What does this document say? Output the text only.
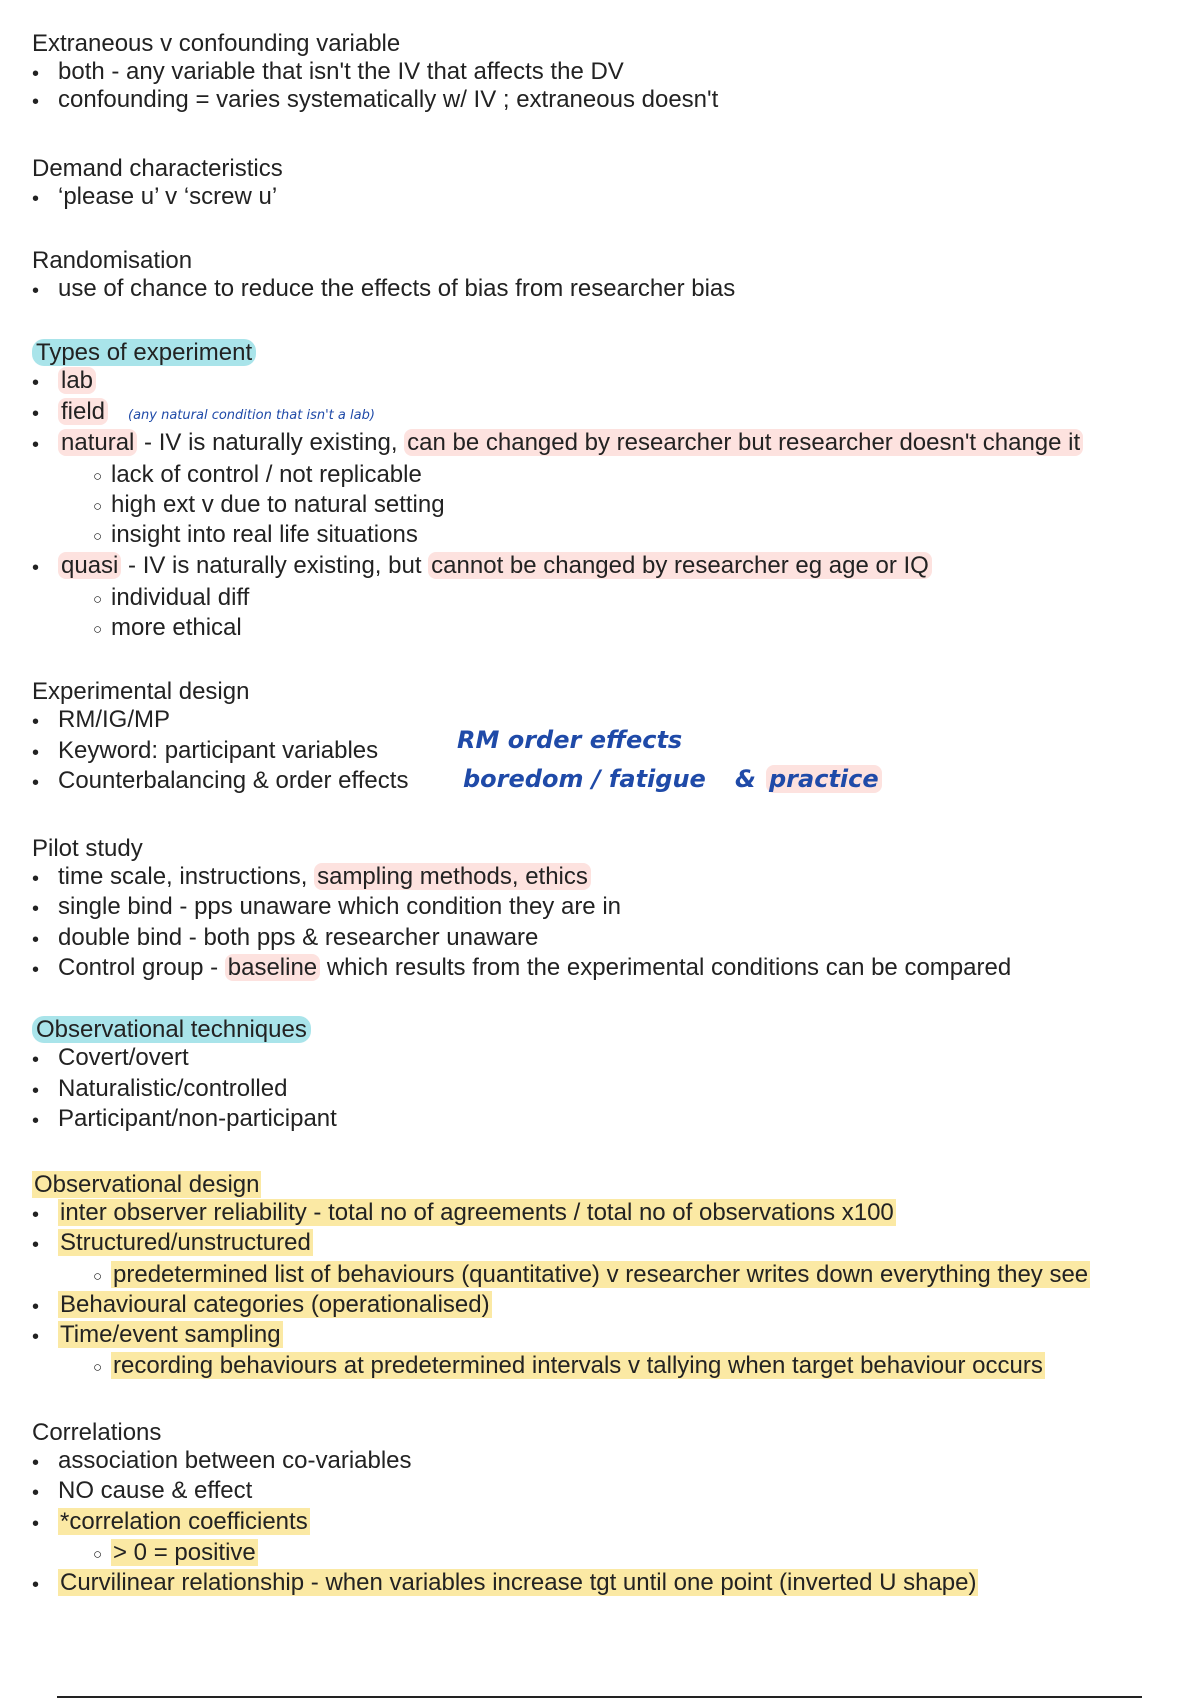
Extraneous v confounding variable
• both - any variable that isn't the IV that affects the DV
• confounding = varies systematically w/ IV ; extraneous doesn't
Demand characteristics
• ‘please u’ v ‘screw u’
Randomisation
• use of chance to reduce the effects of bias from researcher bias
Types of experiment
• lab
• field (any natural condition that isn't a lab)
• natural - IV is naturally existing, can be changed by researcher but researcher doesn't change it
○ lack of control / not replicable
○ high ext v due to natural setting
○ insight into real life situations
• quasi - IV is naturally existing, but cannot be changed by researcher eg age or IQ
○ individual diff
○ more ethical
Experimental design
• RM/IG/MP
• Keyword: participant variables
• Counterbalancing & order effects
RM order effects
boredom / fatigue & practice
Pilot study
• time scale, instructions, sampling methods, ethics
• single bind - pps unaware which condition they are in
• double bind - both pps & researcher unaware
• Control group - baseline which results from the experimental conditions can be compared
Observational techniques
• Covert/overt
• Naturalistic/controlled
• Participant/non-participant
Observational design
• inter observer reliability - total no of agreements / total no of observations x100
• Structured/unstructured
○ predetermined list of behaviours (quantitative) v researcher writes down everything they see
• Behavioural categories (operationalised)
• Time/event sampling
○ recording behaviours at predetermined intervals v tallying when target behaviour occurs
Correlations
• association between co-variables
• NO cause & effect
• *correlation coefficients
○ > 0 = positive
• Curvilinear relationship - when variables increase tgt until one point (inverted U shape)
